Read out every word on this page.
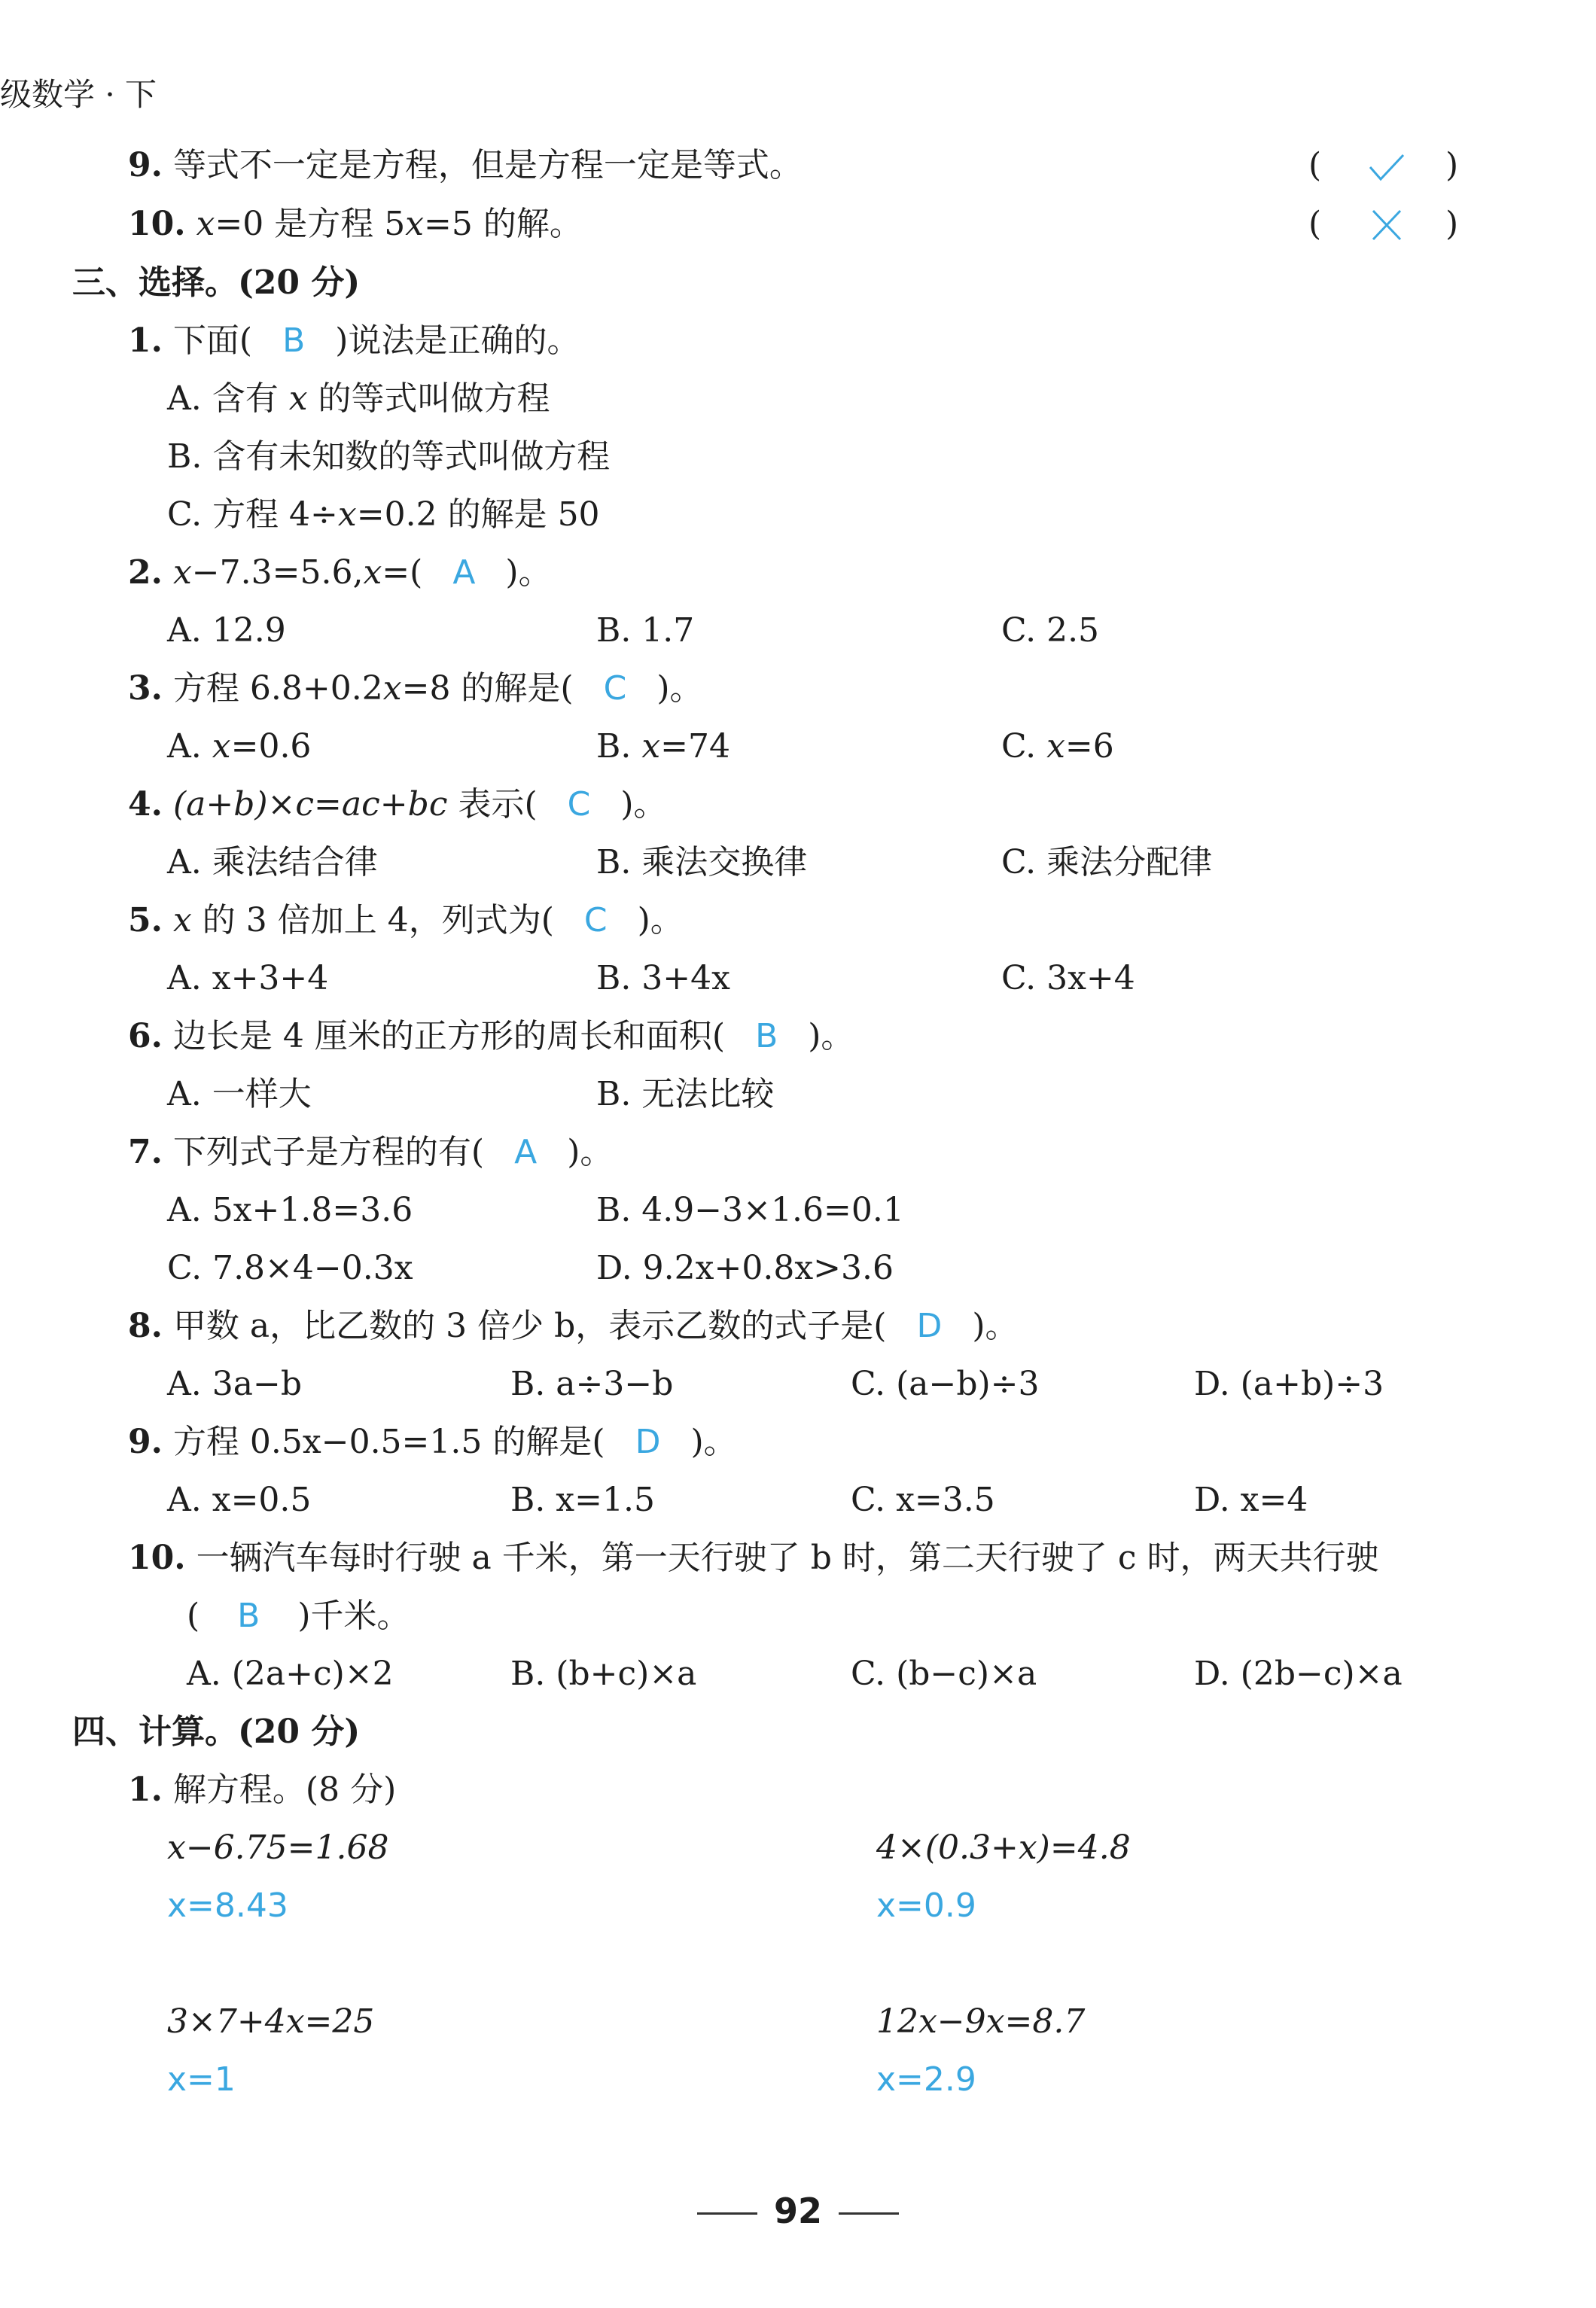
级数学 · 下
9. 等式不一定是方程，但是方程一定是等式。	(	)
10. x=0 是方程 5x=5 的解。	(	)
三、选择。(20 分)
1. 下面( B )说法是正确的。
A. 含有 x 的等式叫做方程
B. 含有未知数的等式叫做方程
C. 方程 4÷x=0.2 的解是 50
2. x−7.3=5.6,x=( A )。
A. 12.9	B. 1.7	C. 2.5
3. 方程 6.8+0.2x=8 的解是( C )。
A. x=0.6	B. x=74	C. x=6
4. (a+b)×c=ac+bc 表示( C )。
A. 乘法结合律	B. 乘法交换律	C. 乘法分配律
5. x 的 3 倍加上 4，列式为( C )。
A. x+3+4	B. 3+4x	C. 3x+4
6. 边长是 4 厘米的正方形的周长和面积( B )。
A. 一样大	B. 无法比较
7. 下列式子是方程的有( A )。
A. 5x+1.8=3.6	B. 4.9−3×1.6=0.1
C. 7.8×4−0.3x	D. 9.2x+0.8x>3.6
8. 甲数 a，比乙数的 3 倍少 b，表示乙数的式子是( D )。
A. 3a−b	B. a÷3−b	C. (a−b)÷3	D. (a+b)÷3
9. 方程 0.5x−0.5=1.5 的解是( D )。
A. x=0.5	B. x=1.5	C. x=3.5	D. x=4
10. 一辆汽车每时行驶 a 千米，第一天行驶了 b 时，第二天行驶了 c 时，两天共行驶
( B )千米。
A. (2a+c)×2	B. (b+c)×a	C. (b−c)×a	D. (2b−c)×a
四、计算。(20 分)
1. 解方程。(8 分)
x−6.75=1.68
x=8.43
4×(0.3+x)=4.8
x=0.9
3×7+4x=25
x=1
12x−9x=8.7
x=2.9
92
